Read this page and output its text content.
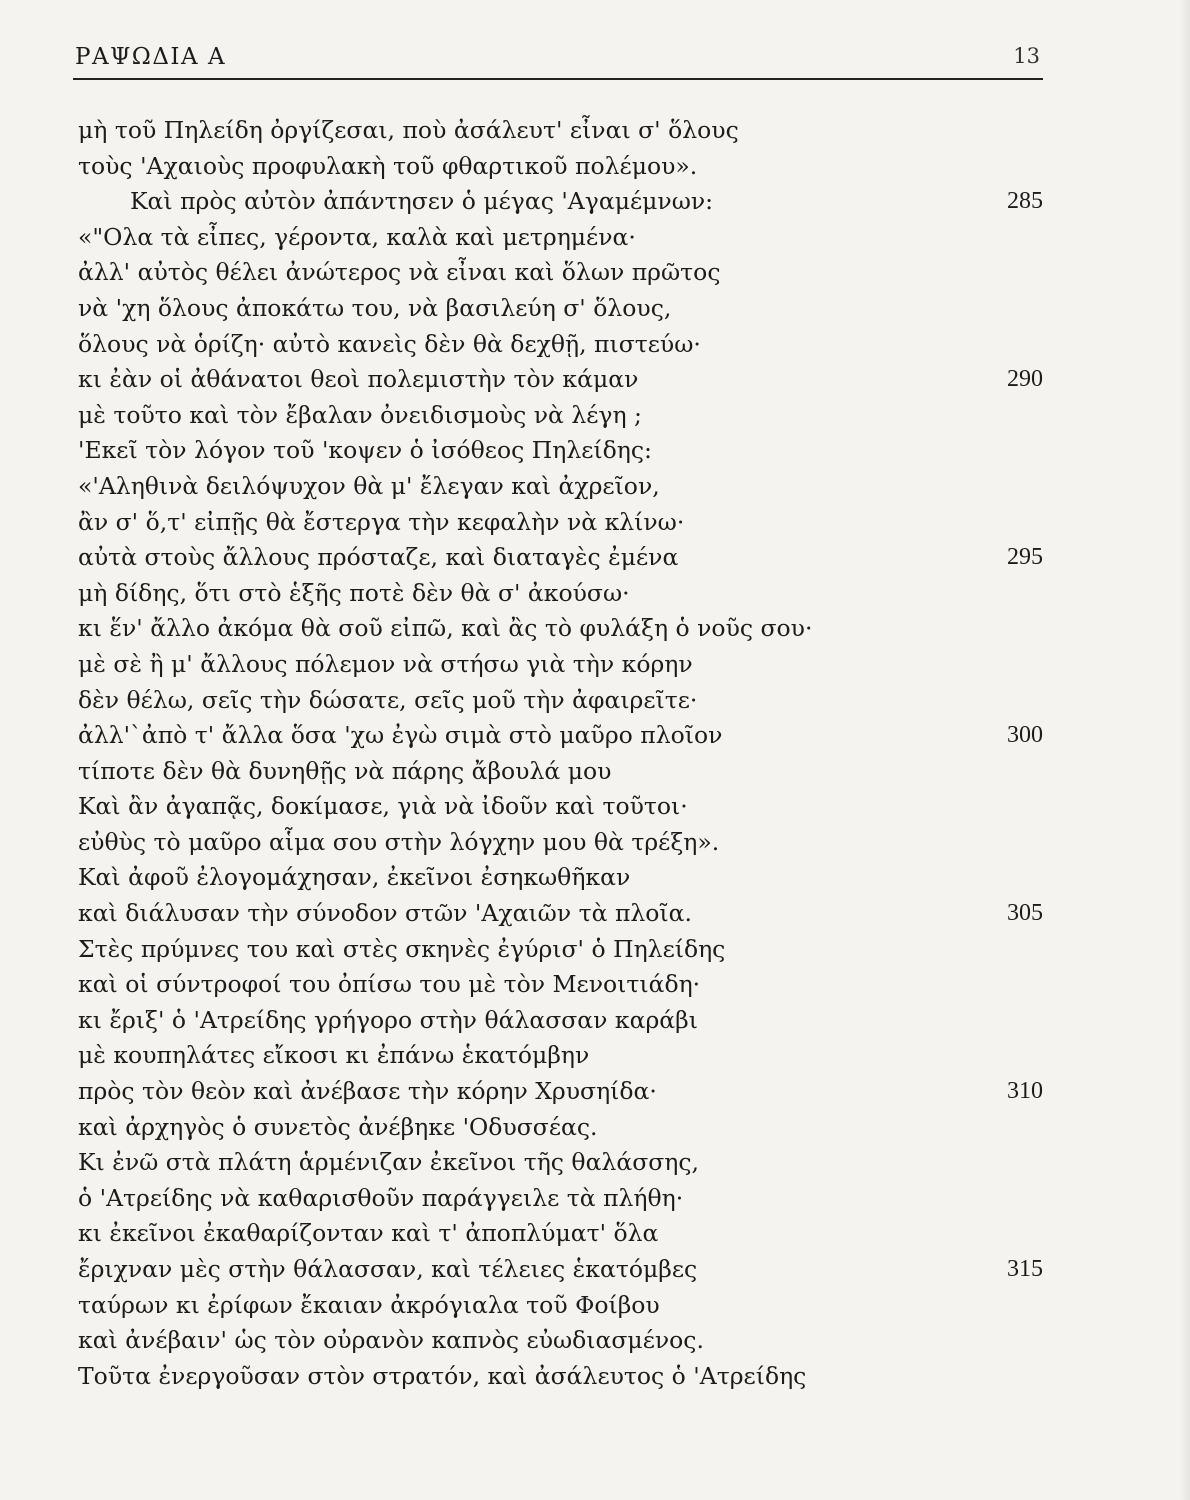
ΡΑΨΩΔΙΑ Α	13
μὴ τοῦ Πηλείδη ὀργίζεσαι, ποὺ ἀσάλευτ' εἶναι σ' ὅλους
τοὺς 'Αχαιοὺς προφυλακὴ τοῦ φθαρτικοῦ πολέμου».
Καὶ πρὸς αὐτὸν ἀπάντησεν ὁ μέγας 'Αγαμέμνων:	285
«"Ολα τὰ εἶπες, γέροντα, καλὰ καὶ μετρημένα·
ἀλλ' αὐτὸς θέλει ἀνώτερος νὰ εἶναι καὶ ὅλων πρῶτος
νὰ 'χη ὅλους ἀποκάτω του, νὰ βασιλεύη σ' ὅλους,
ὅλους νὰ ὁρίζη· αὐτὸ κανεὶς δὲν θὰ δεχθῇ, πιστεύω·
κι ἐὰν οἱ ἀθάνατοι θεοὶ πολεμιστὴν τὸν κάμαν	290
μὲ τοῦτο καὶ τὸν ἔβαλαν ὀνειδισμοὺς νὰ λέγη ;
'Εκεῖ τὸν λόγον τοῦ 'κοψεν ὁ ἰσόθεος Πηλείδης:
«'Αληθινὰ δειλόψυχον θὰ μ' ἔλεγαν καὶ ἀχρεῖον,
ἂν σ' ὅ,τ' εἰπῇς θὰ ἔστεργα τὴν κεφαλὴν νὰ κλίνω·
αὐτὰ στοὺς ἄλλους πρόσταζε, καὶ διαταγὲς ἐμένα	295
μὴ δίδης, ὅτι στὸ ἑξῆς ποτὲ δὲν θὰ σ' ἀκούσω·
κι ἕν' ἄλλο ἀκόμα θὰ σοῦ εἰπῶ, καὶ ἂς τὸ φυλάξη ὁ νοῦς σου·
μὲ σὲ ἢ μ' ἄλλους πόλεμον νὰ στήσω γιὰ τὴν κόρην
δὲν θέλω, σεῖς τὴν δώσατε, σεῖς μοῦ τὴν ἀφαιρεῖτε·
ἀλλ'`ἀπὸ τ' ἄλλα ὅσα 'χω ἐγὼ σιμὰ στὸ μαῦρο πλοῖον	300
τίποτε δὲν θὰ δυνηθῇς νὰ πάρης ἄβουλά μου
Καὶ ἂν ἀγαπᾷς, δοκίμασε, γιὰ νὰ ἰδοῦν καὶ τοῦτοι·
εὐθὺς τὸ μαῦρο αἷμα σου στὴν λόγχην μου θὰ τρέξη».
Καὶ ἀφοῦ ἐλογομάχησαν, ἐκεῖνοι ἐσηκωθῆκαν
καὶ διάλυσαν τὴν σύνοδον στῶν 'Αχαιῶν τὰ πλοῖα.	305
Στὲς πρύμνες του καὶ στὲς σκηνὲς ἐγύρισ' ὁ Πηλείδης
καὶ οἱ σύντροφοί του ὀπίσω του μὲ τὸν Μενοιτιάδη·
κι ἔριξ' ὁ 'Ατρείδης γρήγορο στὴν θάλασσαν καράβι
μὲ κουπηλάτες εἴκοσι κι ἐπάνω ἑκατόμβην
πρὸς τὸν θεὸν καὶ ἀνέβασε τὴν κόρην Χρυσηίδα·	310
καὶ ἀρχηγὸς ὁ συνετὸς ἀνέβηκε 'Οδυσσέας.
Κι ἐνῶ στὰ πλάτη ἁρμένιζαν ἐκεῖνοι τῆς θαλάσσης,
ὁ 'Ατρείδης νὰ καθαρισθοῦν παράγγειλε τὰ πλήθη·
κι ἐκεῖνοι ἐκαθαρίζονταν καὶ τ' ἀποπλύματ' ὅλα
ἔριχναν μὲς στὴν θάλασσαν, καὶ τέλειες ἑκατόμβες	315
ταύρων κι ἐρίφων ἔκαιαν ἀκρόγιαλα τοῦ Φοίβου
καὶ ἀνέβαιν' ὡς τὸν οὐρανὸν καπνὸς εὐωδιασμένος.
Τοῦτα ἐνεργοῦσαν στὸν στρατόν, καὶ ἀσάλευτος ὁ 'Ατρείδης
